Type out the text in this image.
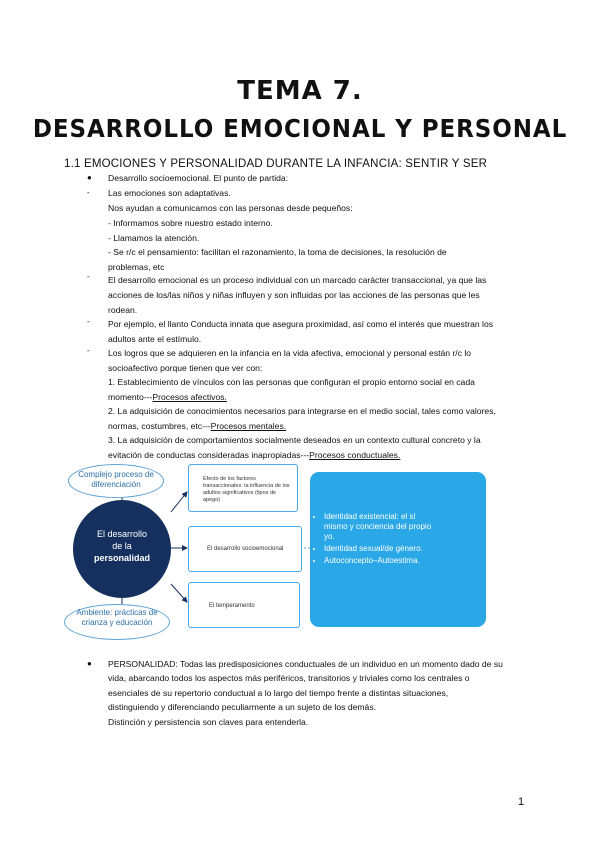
TEMA 7.
DESARROLLO EMOCIONAL Y PERSONAL
1.1 EMOCIONES Y PERSONALIDAD DURANTE LA INFANCIA: SENTIR Y SER
●
-
-
-
-
Desarrollo socioemocional. El punto de partida:
Las emociones son adaptativas.
Nos ayudan a comunicarnos con las personas desde pequeños:
- Informamos sobre nuestro estado interno.
- Llamamos la atención.
- Se r/c el pensamiento: facilitan el razonamiento, la toma de decisiones, la resolución de
problemas, etc
El desarrollo emocional es un proceso individual con un marcado carácter transaccional, ya que las
acciones de los/las niños y niñas influyen y son influidas por las acciones de las personas que les
rodean.
Por ejemplo, el llanto Conducta innata que asegura proximidad, así como el interés que muestran los
adultos ante el estímulo.
Los logros que se adquieren en la infancia en la vida afectiva, emocional y personal están r/c lo
socioafectivo porque tienen que ver con:
1. Establecimiento de vínculos con las personas que configuran el propio entorno social en cada
momento---Procesos afectivos.
2. La adquisición de conocimientos necesarios para integrarse en el medio social, tales como valores,
normas, costumbres, etc---Procesos mentales.
3. La adquisición de comportamientos socialmente deseados en un contexto cultural concreto y la
evitación de conductas consideradas inapropiadas---Procesos conductuales.
Complejo proceso de diferenciación
El desarrollo
de la
personalidad
Ambiente: prácticas de crianza y educación
Efecto de los factores transaccionales: la influencia de los adultos significativos (tipos de apego)
El desarrollo socioemocional
El temperamento
• Identidad existencial: el sí mismo y conciencia del propio yo.
• Identidad sexual/de género.
• Autoconcepto–Autoestima.
● PERSONALIDAD: Todas las predisposiciones conductuales de un individuo en un momento dado de su
vida, abarcando todos los aspectos más periféricos, transitorios y triviales como los centrales o
esenciales de su repertorio conductual a lo largo del tiempo frente a distintas situaciones,
distinguiendo y diferenciando peculiarmente a un sujeto de los demás.
Distinción y persistencia son claves para entenderla.
1
